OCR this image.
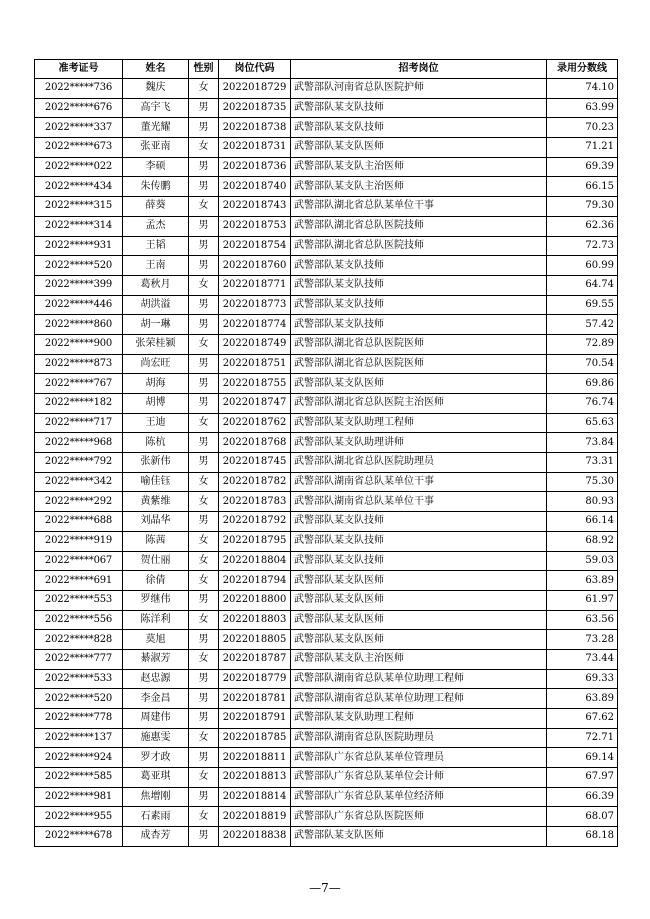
准考证号	姓名	性别	岗位代码	招考岗位	录用分数线
2022*****736	魏庆	女	2022018729	武警部队河南省总队医院护师	74.10
2022*****676	高宇飞	男	2022018735	武警部队某支队技师	63.99
2022*****337	董光耀	男	2022018738	武警部队某支队技师	70.23
2022*****673	张亚南	女	2022018731	武警部队某支队医师	71.21
2022*****022	李硕	男	2022018736	武警部队某支队主治医师	69.39
2022*****434	朱传鹏	男	2022018740	武警部队某支队主治医师	66.15
2022*****315	薛葵	女	2022018743	武警部队湖北省总队某单位干事	79.30
2022*****314	孟杰	男	2022018753	武警部队湖北省总队医院技师	62.36
2022*****931	王韬	男	2022018754	武警部队湖北省总队医院技师	72.73
2022*****520	王南	男	2022018760	武警部队某支队技师	60.99
2022*****399	葛秋月	女	2022018771	武警部队某支队技师	64.74
2022*****446	胡洪溢	男	2022018773	武警部队某支队技师	69.55
2022*****860	胡一琳	男	2022018774	武警部队某支队技师	57.42
2022*****900	张荣桂颍	女	2022018749	武警部队湖北省总队医院医师	72.89
2022*****873	尚宏旺	男	2022018751	武警部队湖北省总队医院医师	70.54
2022*****767	胡海	男	2022018755	武警部队某支队医师	69.86
2022*****182	胡博	男	2022018747	武警部队湖北省总队医院主治医师	76.74
2022*****717	王迪	女	2022018762	武警部队某支队助理工程师	65.63
2022*****968	陈杭	男	2022018768	武警部队某支队助理讲师	73.84
2022*****792	张新伟	男	2022018745	武警部队湖北省总队医院助理员	73.31
2022*****342	喻佳钰	女	2022018782	武警部队湖南省总队某单位干事	75.30
2022*****292	黄紫维	女	2022018783	武警部队湖南省总队某单位干事	80.93
2022*****688	刘晶华	男	2022018792	武警部队某支队技师	66.14
2022*****919	陈茜	女	2022018795	武警部队某支队技师	68.92
2022*****067	贺仕丽	女	2022018804	武警部队某支队技师	59.03
2022*****691	徐倩	女	2022018794	武警部队某支队医师	63.89
2022*****553	罗继伟	男	2022018800	武警部队某支队医师	61.97
2022*****556	陈洋利	女	2022018803	武警部队某支队医师	63.56
2022*****828	莫旭	男	2022018805	武警部队某支队医师	73.28
2022*****777	綦淑芳	女	2022018787	武警部队某支队主治医师	73.44
2022*****533	赵忠源	男	2022018779	武警部队湖南省总队某单位助理工程师	69.33
2022*****520	李金昌	男	2022018781	武警部队湖南省总队某单位助理工程师	63.89
2022*****778	周建伟	男	2022018791	武警部队某支队助理工程师	67.62
2022*****137	施惠雯	女	2022018785	武警部队湖南省总队医院助理员	72.71
2022*****924	罗才政	男	2022018811	武警部队广东省总队某单位管理员	69.14
2022*****585	葛亚琪	女	2022018813	武警部队广东省总队某单位会计师	67.97
2022*****981	焦增刚	男	2022018814	武警部队广东省总队某单位经济师	66.39
2022*****955	石素雨	女	2022018819	武警部队广东省总队医院医师	68.07
2022*****678	成杏芳	男	2022018838	武警部队某支队医师	68.18
—7—
